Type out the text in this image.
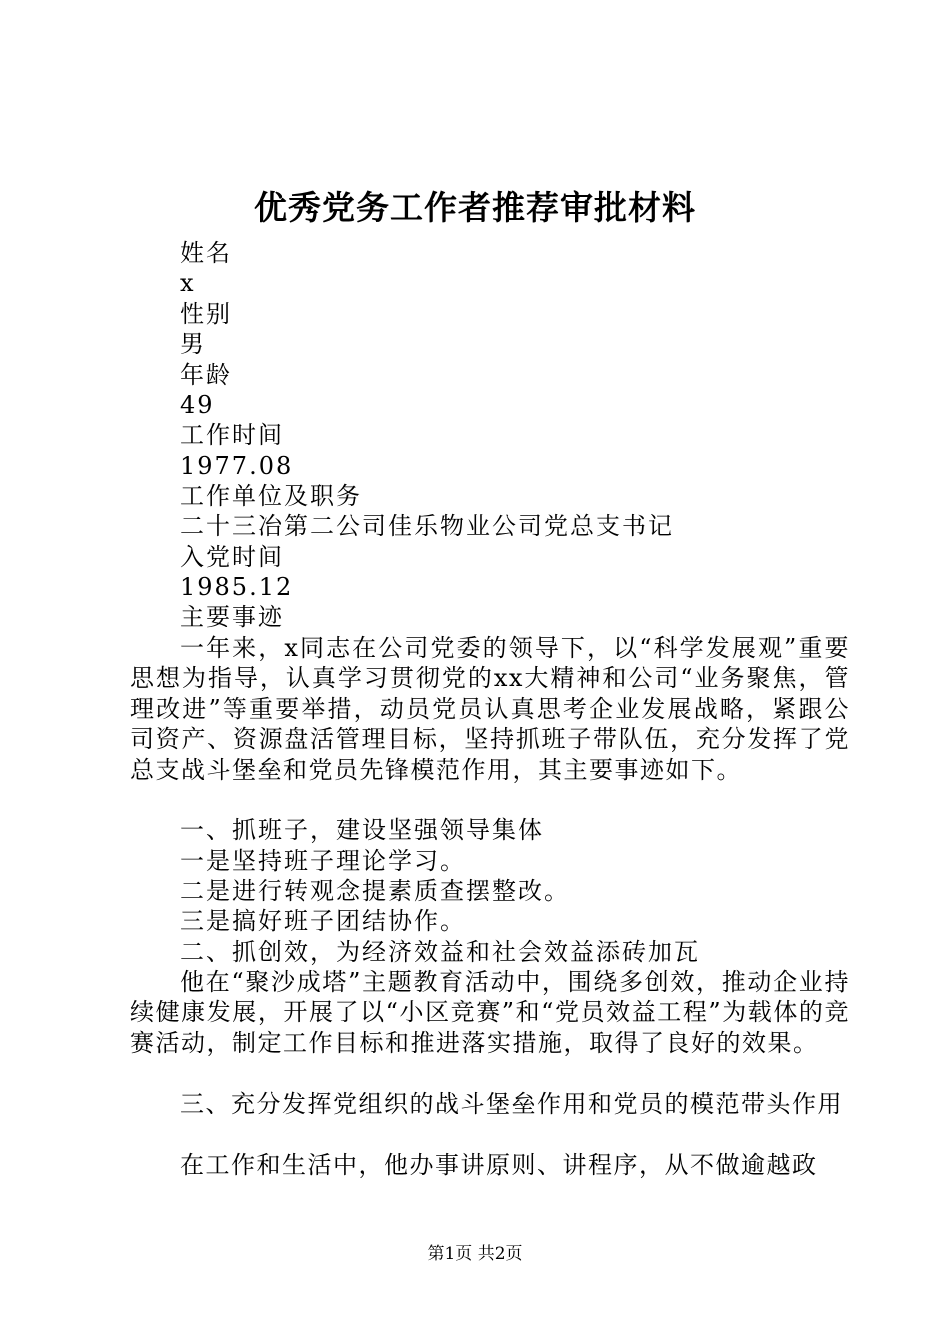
优秀党务工作者推荐审批材料
姓名
x
性别
男
年龄
49
工作时间
1977.08
工作单位及职务
二十三冶第二公司佳乐物业公司党总支书记
入党时间
1985.12
主要事迹

一年来，x同志在公司党委的领导下，以“科学发展观”重要思想为指导，认真学习贯彻党的xx大精神和公司“业务聚焦，管理改进”等重要举措，动员党员认真思考企业发展战略，紧跟公司资产、资源盘活管理目标，坚持抓班子带队伍，充分发挥了党总支战斗堡垒和党员先锋模范作用，其主要事迹如下。

一、抓班子，建设坚强领导集体
一是坚持班子理论学习。
二是进行转观念提素质查摆整改。
三是搞好班子团结协作。
二、抓创效，为经济效益和社会效益添砖加瓦

他在“聚沙成塔”主题教育活动中，围绕多创效，推动企业持续健康发展，开展了以“小区竞赛”和“党员效益工程”为载体的竞赛活动，制定工作目标和推进落实措施，取得了良好的效果。

三、充分发挥党组织的战斗堡垒作用和党员的模范带头作用

在工作和生活中，他办事讲原则、讲程序，从不做逾越政

第1页 共2页
